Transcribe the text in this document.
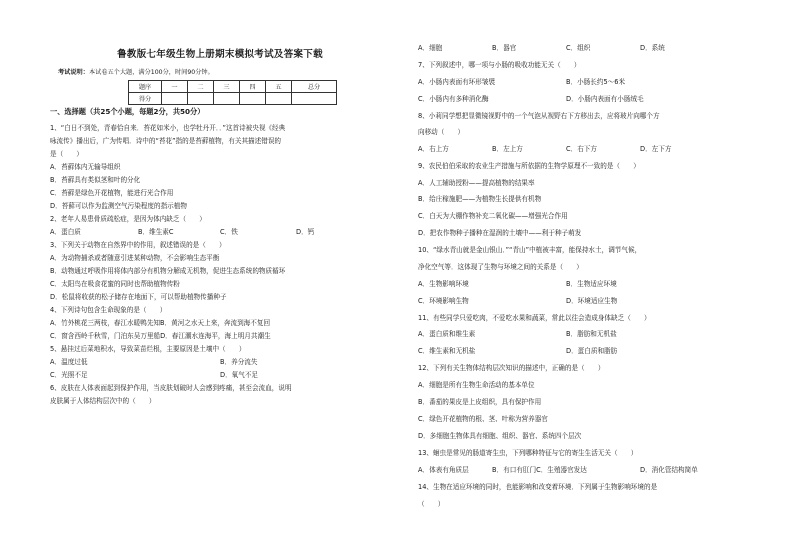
鲁教版七年级生物上册期末模拟考试及答案下载
考试说明：本试卷五个大题，满分100分，时间90分钟。
题序	一	二	三	四	五	总分
得分						
一、选择题（共25个小题，每题2分，共50分）
1、“白日不到处，青春恰自来．苔花如米小，也学牡丹开．．”这首诗被央视《经典
咏流传》播出后，广为传唱．诗中的“苔花”指的是苔藓植物，有关其描述错误的
是（　　）
A．苔藓体内无输导组织
B．苔藓具有类似茎和叶的分化
C．苔藓是绿色开花植物，能进行光合作用
D．苔藓可以作为监测空气污染程度的指示植物
2、老年人易患骨质疏松症，是因为体内缺乏（　　）
A．蛋白质	B．维生素C	C．铁	D．钙
3、下列关于动物在自然界中的作用，叙述错误的是（　　）
A．为动物捕杀或者随意引进某种动物，不会影响生态平衡
B．动物通过呼吸作用将体内部分有机物分解成无机物，促进生态系统的物质循环
C．太阳鸟在吸食花蜜的同时也帮助植物传粉
D．松鼠将收获的松子储存在地面下，可以帮助植物传播种子
4、下列诗句包含生命现象的是（　　）
A．竹外桃花三两枝，春江水暖鸭先知B．黄河之水天上来，奔流到海不复回
C．窗含西岭千秋雪，门泊东吴万里船D．春江潮水连海平，海上明月共潮生
5、悬挂过后菜地积水，导致菜苗烂根，主要原因是土壤中（　　）
A．温度过低	B．养分流失
C．光照不足	D．氧气不足
6、皮肤在人体表面起到保护作用，当皮肤划破时人会感到疼痛，甚至会流血，说明
皮肤属于人体结构层次中的（　　）
A．细胞	B．器官	C．组织	D．系统
7、下列叙述中，哪一项与小肠的吸收功能无关（　　）
A．小肠内表面有环形皱襞	B．小肠长约5～6米
C．小肠内有多种消化酶	D．小肠内表面有小肠绒毛
8、小莉同学想把显微镜视野中的一个气泡从视野右下方移出去，应将玻片向哪个方
向移动（　　）
A．右上方	B．左上方	C．右下方	D．左下方
9、农民伯伯采取的农业生产措施与所依据的生物学原理不一致的是（　　）
A．人工辅助授粉——提高植物的结果率
B．给庄稼施肥——为植物生长提供有机物
C．白天为大棚作物补充二氧化碳——增强光合作用
D．把农作物种子播种在湿润的土壤中——利于种子萌发
10、“绿水青山就是金山银山．”“青山”中植被丰富，能保持水土，调节气候，
净化空气等．这体现了生物与环境之间的关系是（　　）
A．生物影响环境	B．生物适应环境
C．环境影响生物	D．环境适应生物
11、有些同学只爱吃肉，不爱吃水果和蔬菜，常此以往会造成身体缺乏（　　）
A．蛋白质和维生素	B．脂肪和无机盐
C．维生素和无机盐	D．蛋白质和脂肪
12、下列有关生物体结构层次知识的描述中，正确的是（　　）
A．细胞是所有生物生命活动的基本单位
B．番茄的果皮是上皮组织，具有保护作用
C．绿色开花植物的根、茎、叶称为营养器官
D．多细胞生物体具有细胞、组织、器官、系统四个层次
13、蛔虫是常见的肠道寄生虫，下列哪种特征与它的寄生生活无关（　　）
A．体表有角质层	B．有口有肛门C．生殖器官发达	D．消化管结构简单
14、生物在适应环境的同时，也能影响和改变着环境．下列属于生物影响环境的是
（　　）
